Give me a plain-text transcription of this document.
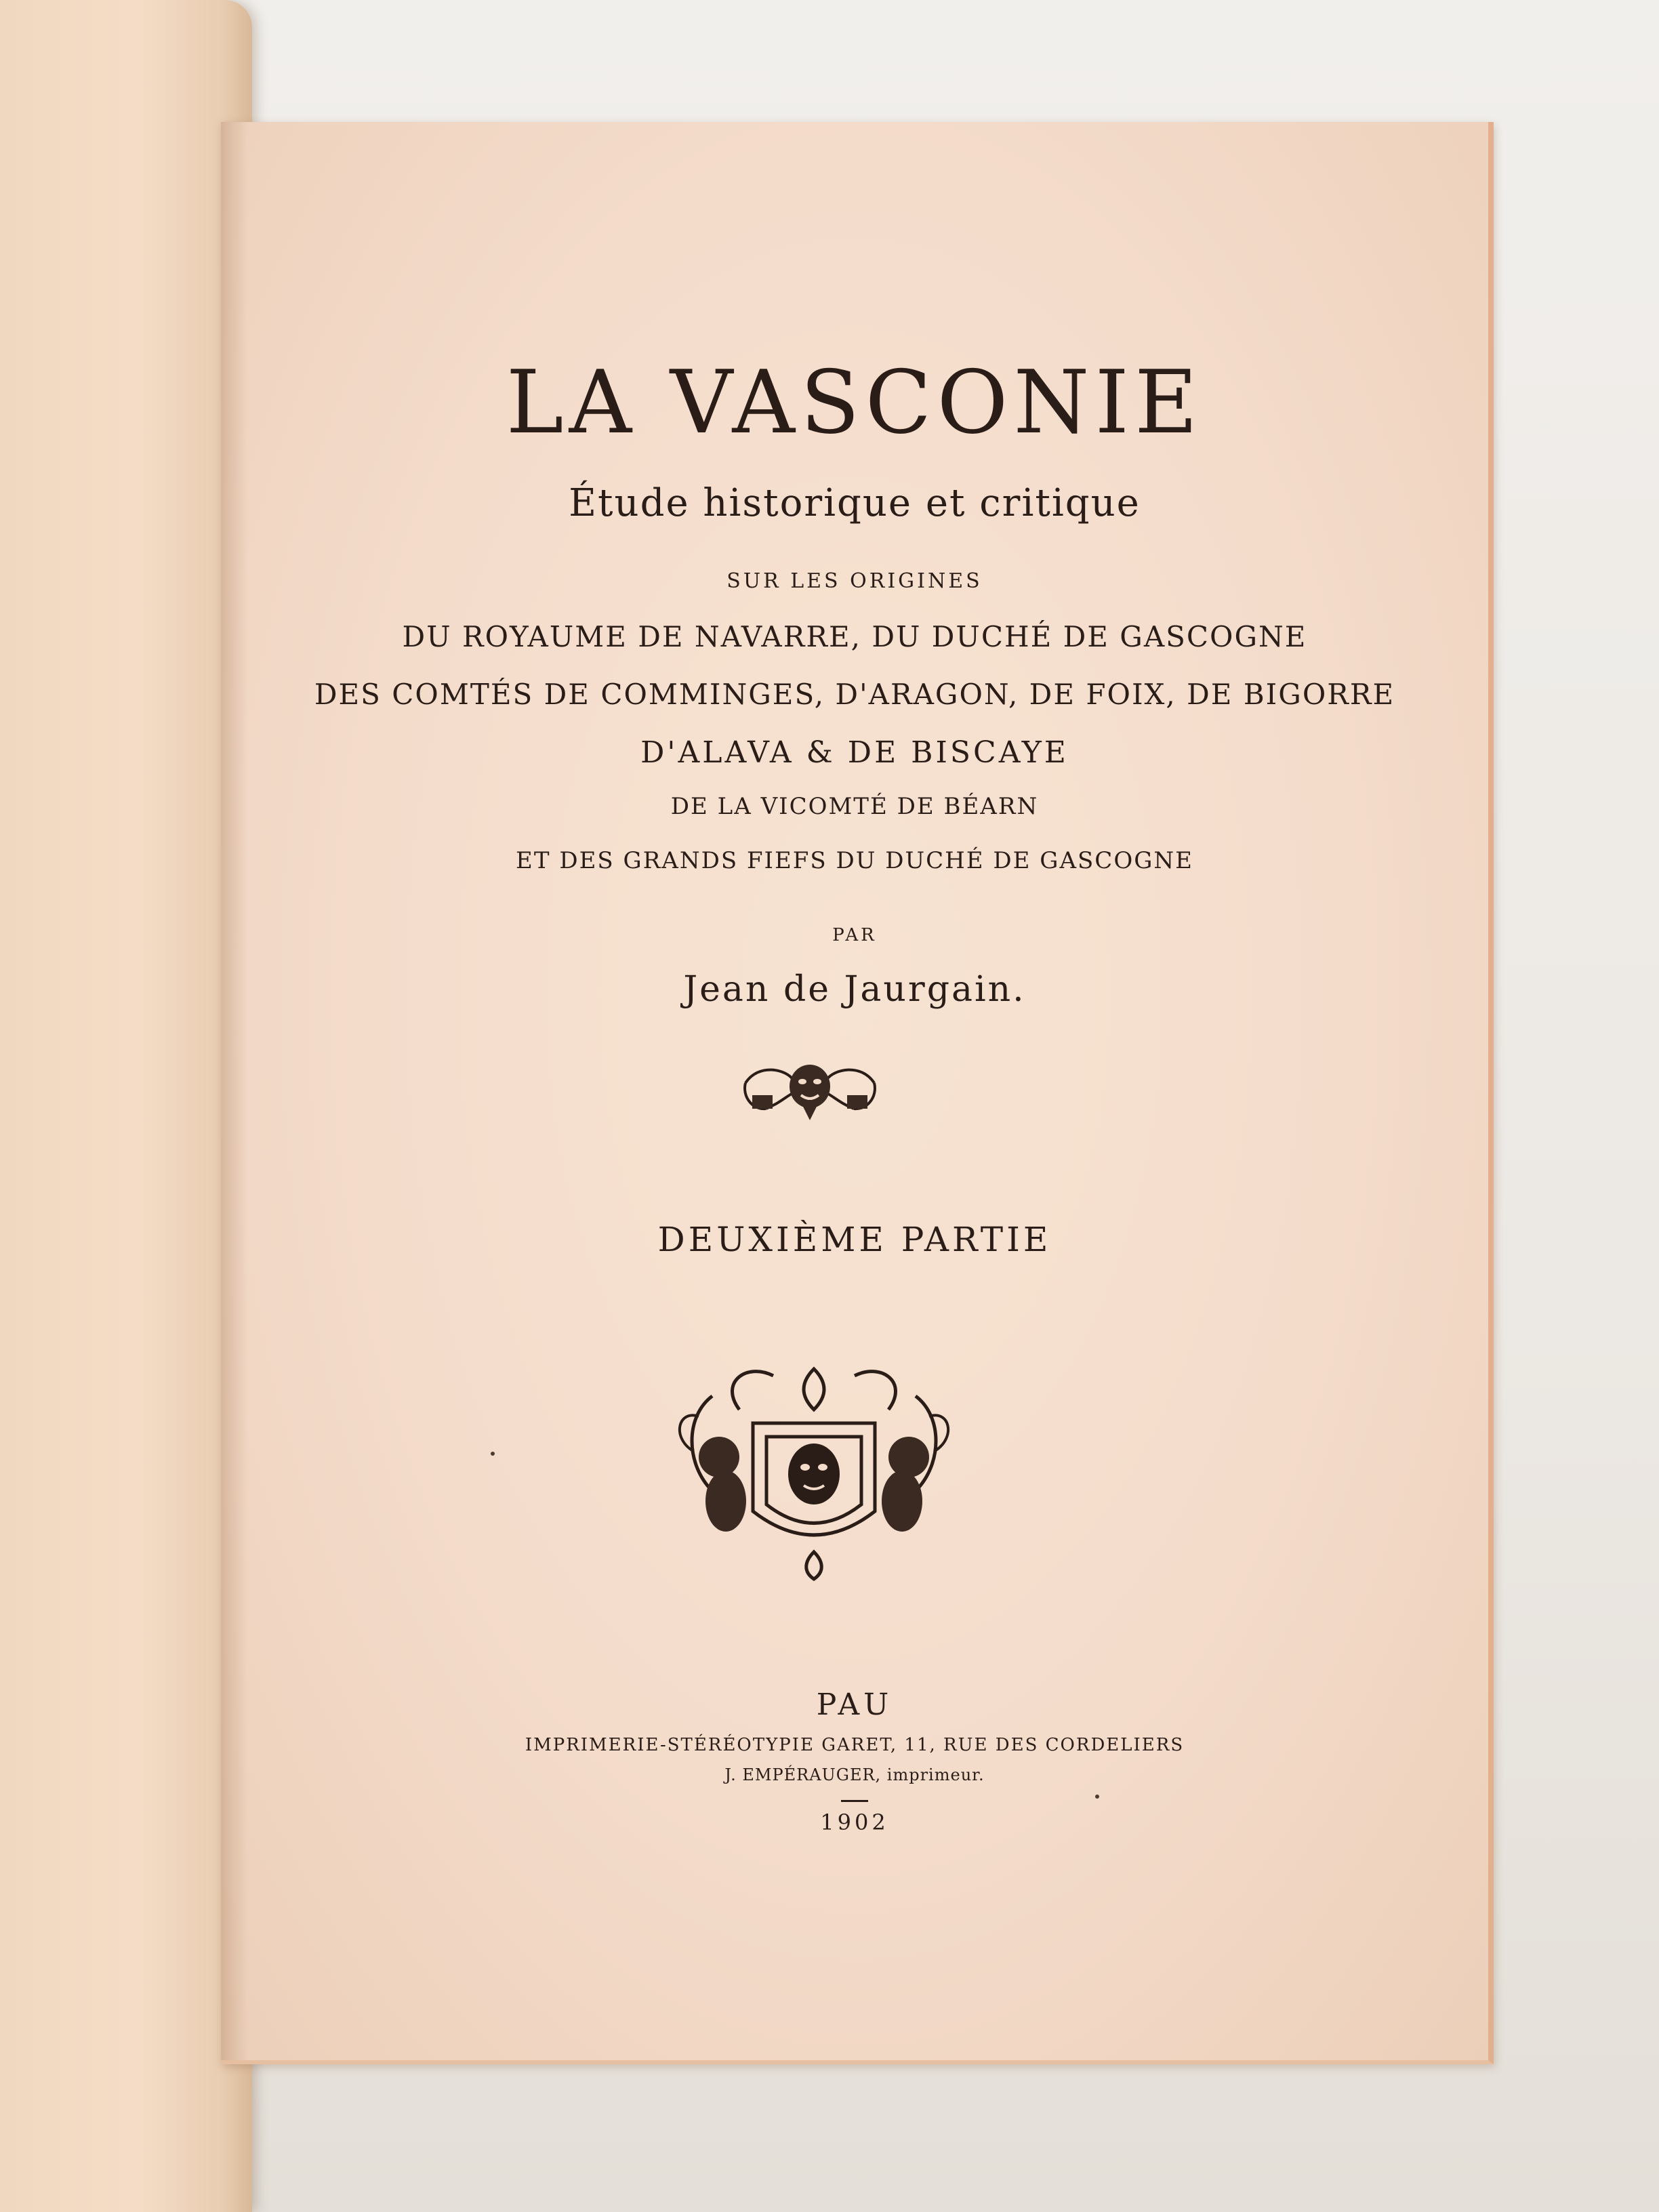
LA VASCONIE

Étude historique et critique

SUR LES ORIGINES

DU ROYAUME DE NAVARRE, DU DUCHÉ DE GASCOGNE

DES COMTÉS DE COMMINGES, D'ARAGON, DE FOIX, DE BIGORRE

D'ALAVA & DE BISCAYE

DE LA VICOMTÉ DE BÉARN

ET DES GRANDS FIEFS DU DUCHÉ DE GASCOGNE

PAR

Jean de Jaurgain.

DEUXIÈME PARTIE

PAU

IMPRIMERIE-STÉRÉOTYPIE GARET, 11, RUE DES CORDELIERS

J. EMPÉRAUGER, imprimeur.

1902
